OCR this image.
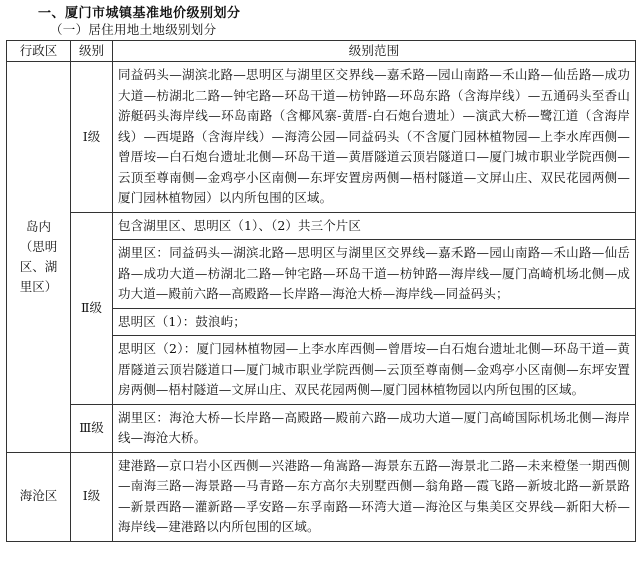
一、厦门市城镇基准地价级别划分
（一）居住用地土地级别划分
行政区	级别	级别范围
岛内（思明区、湖里区）	Ⅰ级	同益码头—湖滨北路—思明区与湖里区交界线—嘉禾路—园山南路—禾山路—仙岳路—成功大道—枋湖北二路—钟宅路—环岛干道—枋钟路—环岛东路（含海岸线）—五通码头至香山游艇码头海岸线—环岛南路（含椰风寨-黄厝-白石炮台遗址）—演武大桥—鹭江道（含海岸线）—西堤路（含海岸线）—海湾公园—同益码头（不含厦门园林植物园—上李水库西侧—曾厝垵—白石炮台遗址北侧—环岛干道—黄厝隧道云顶岩隧道口—厦门城市职业学院西侧—云顶至尊南侧—金鸡亭小区南侧—东坪安置房两侧—梧村隧道—文屏山庄、双民花园两侧—厦门园林植物园）以内所包围的区域。
	Ⅱ级	包含湖里区、思明区（1）、（2）共三个片区
		湖里区：同益码头—湖滨北路—思明区与湖里区交界线—嘉禾路—园山南路—禾山路—仙岳路—成功大道—枋湖北二路—钟宅路—环岛干道—枋钟路—海岸线—厦门高崎机场北侧—成功大道—殿前六路—高殿路—长岸路—海沧大桥—海岸线—同益码头；
		思明区（1）：鼓浪屿；
		思明区（2）：厦门园林植物园—上李水库西侧—曾厝垵—白石炮台遗址北侧—环岛干道—黄厝隧道云顶岩隧道口—厦门城市职业学院西侧—云顶至尊南侧—金鸡亭小区南侧—东坪安置房两侧—梧村隧道—文屏山庄、双民花园两侧—厦门园林植物园以内所包围的区域。
	Ⅲ级	湖里区：海沧大桥—长岸路—高殿路—殿前六路—成功大道—厦门高崎国际机场北侧—海岸线—海沧大桥。
海沧区	Ⅰ级	建港路—京口岩小区西侧—兴港路—角嵩路—海景东五路—海景北二路—未来橙堡一期西侧—南海三路—海景路—马青路—东方高尔夫别墅西侧—翁角路—霞飞路—新坡北路—新景路—新景西路—灌新路—孚安路—东孚南路—环湾大道—海沧区与集美区交界线—新阳大桥—海岸线—建港路以内所包围的区域。
